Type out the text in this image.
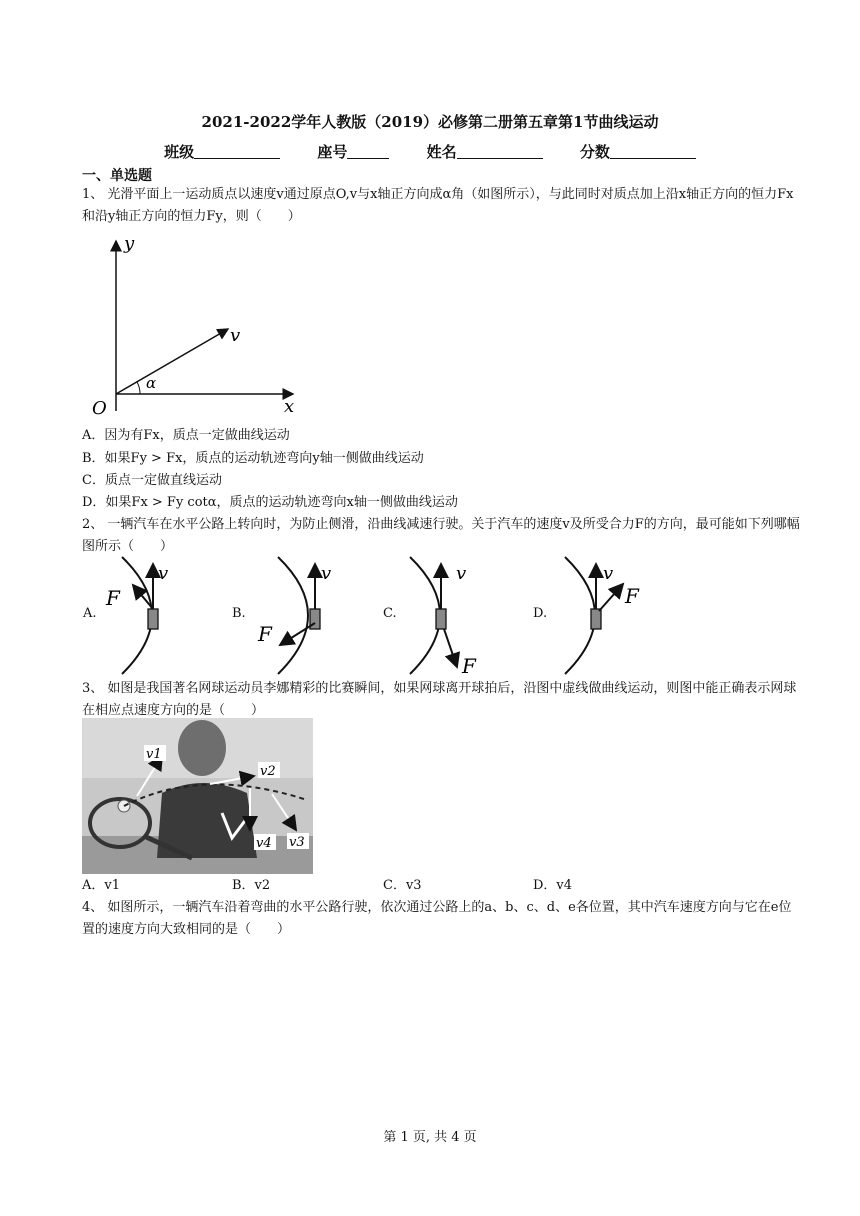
2021-2022学年人教版（2019）必修第二册第五章第1节曲线运动
班级	座号	姓名	分数
一、单选题
1、 光滑平面上一运动质点以速度v通过原点O,v与x轴正方向成α角（如图所示），与此同时对质点加上沿x轴正方向的恒力Fx和沿y轴正方向的恒力Fy，则（　　）
y
x
v
α
O
A．因为有Fx，质点一定做曲线运动
B．如果Fy > Fx，质点的运动轨迹弯向y轴一侧做曲线运动
C．质点一定做直线运动
D．如果Fx > Fy cotα，质点的运动轨迹弯向x轴一侧做曲线运动
2、 一辆汽车在水平公路上转向时，为防止侧滑，沿曲线减速行驶。关于汽车的速度v及所受合力F的方向，最可能如下列哪幅图所示（　　）
A.	B.	C.	D.
v
F
v
F
v
F
v
F
3、 如图是我国著名网球运动员李娜精彩的比赛瞬间，如果网球离开球拍后，沿图中虚线做曲线运动，则图中能正确表示网球在相应点速度方向的是（　　）
v1
v2
v4 v3
A．v1	B．v2	C．v3	D．v4
4、 如图所示，一辆汽车沿着弯曲的水平公路行驶，依次通过公路上的a、b、c、d、e各位置，其中汽车速度方向与它在e位置的速度方向大致相同的是（　　）
第 1 页, 共 4 页
